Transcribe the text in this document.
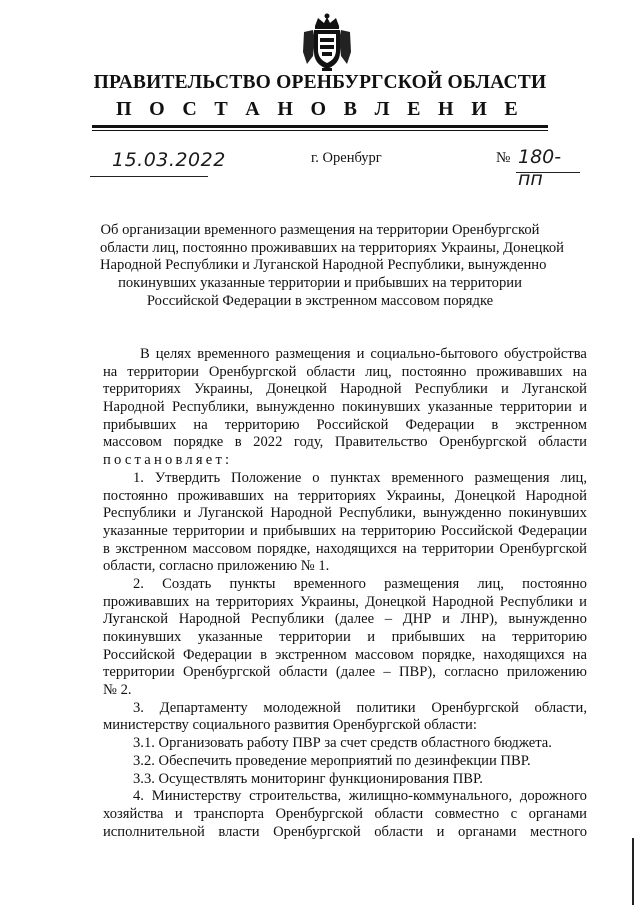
ПРАВИТЕЛЬСТВО ОРЕНБУРГСКОЙ ОБЛАСТИ
П О С Т А Н О В Л Е Н И Е
15.03.2022	г. Оренбург	№ 180-пп
Об организации временного размещения на территории Оренбургской
области лиц, постоянно проживавших на территориях Украины, Донецкой
Народной Республики и Луганской Народной Республики, вынужденно
покинувших указанные территории и прибывших на территории
Российской Федерации в экстренном массовом порядке
В целях временного размещения и социально-бытового обустройства
на территории Оренбургской области лиц, постоянно проживавших на
территориях Украины, Донецкой Народной Республики и Луганской
Народной Республики, вынужденно покинувших указанные территории и
прибывших на территорию Российской Федерации в экстренном
массовом порядке в 2022 году, Правительство Оренбургской области
постановляет:
1. Утвердить Положение о пунктах временного размещения лиц,
постоянно проживавших на территориях Украины, Донецкой Народной
Республики и Луганской Народной Республики, вынужденно покинувших
указанные территории и прибывших на территорию Российской Федерации
в экстренном массовом порядке, находящихся на территории Оренбургской
области, согласно приложению № 1.
2. Создать пункты временного размещения лиц, постоянно
проживавших на территориях Украины, Донецкой Народной Республики и
Луганской Народной Республики (далее – ДНР и ЛНР), вынужденно
покинувших указанные территории и прибывших на территорию
Российской Федерации в экстренном массовом порядке, находящихся на
территории Оренбургской области (далее – ПВР), согласно приложению
№ 2.
3. Департаменту молодежной политики Оренбургской области,
министерству социального развития Оренбургской области:
3.1. Организовать работу ПВР за счет средств областного бюджета.
3.2. Обеспечить проведение мероприятий по дезинфекции ПВР.
3.3. Осуществлять мониторинг функционирования ПВР.
4. Министерству строительства, жилищно-коммунального, дорожного
хозяйства и транспорта Оренбургской области совместно с органами
исполнительной власти Оренбургской области и органами местного
